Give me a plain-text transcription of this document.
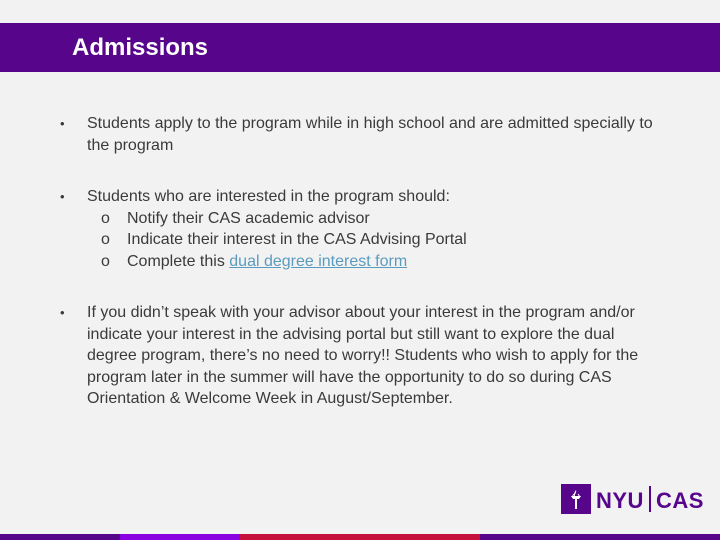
Admissions
• Students apply to the program while in high school and are admitted specially to the program
• Students who are interested in the program should:
o Notify their CAS academic advisor
o Indicate their interest in the CAS Advising Portal
o Complete this dual degree interest form
• If you didn’t speak with your advisor about your interest in the program and/or indicate your interest in the advising portal but still want to explore the dual degree program, there’s no need to worry!! Students who wish to apply for the program later in the summer will have the opportunity to do so during CAS Orientation & Welcome Week in August/September.
NYU CAS
